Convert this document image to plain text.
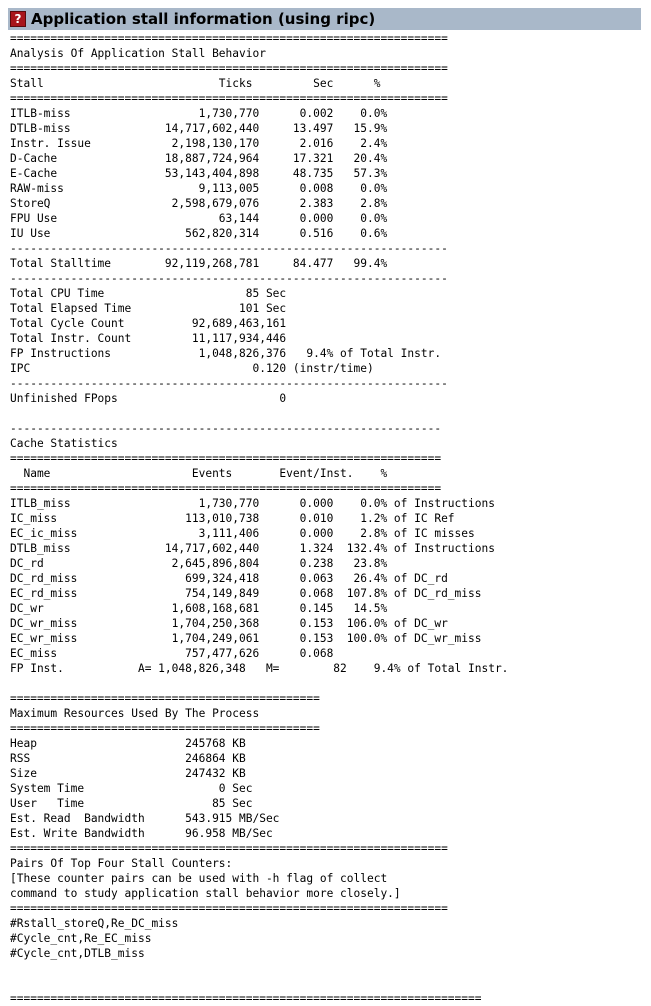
? Application stall information (using ripc)
=================================================================
Analysis Of Application Stall Behavior
=================================================================
Stall                          Ticks         Sec      %
=================================================================
ITLB-miss                   1,730,770      0.002    0.0%
DTLB-miss              14,717,602,440     13.497   15.9%
Instr. Issue            2,198,130,170      2.016    2.4%
D-Cache                18,887,724,964     17.321   20.4%
E-Cache                53,143,404,898     48.735   57.3%
RAW-miss                    9,113,005      0.008    0.0%
StoreQ                  2,598,679,076      2.383    2.8%
FPU Use                        63,144      0.000    0.0%
IU Use                    562,820,314      0.516    0.6%
-----------------------------------------------------------------
Total Stalltime        92,119,268,781     84.477   99.4%
-----------------------------------------------------------------
Total CPU Time                     85 Sec
Total Elapsed Time                101 Sec
Total Cycle Count          92,689,463,161
Total Instr. Count         11,117,934,446
FP Instructions             1,048,826,376   9.4% of Total Instr.
IPC                                 0.120 (instr/time)
-----------------------------------------------------------------
Unfinished FPops                        0

----------------------------------------------------------------
Cache Statistics
================================================================
Name                     Events       Event/Inst.    %
================================================================
ITLB_miss                   1,730,770      0.000    0.0% of Instructions
IC_miss                   113,010,738      0.010    1.2% of IC Ref
EC_ic_miss                  3,111,406      0.000    2.8% of IC misses
DTLB_miss              14,717,602,440      1.324  132.4% of Instructions
DC_rd                   2,645,896,804      0.238   23.8%
DC_rd_miss                699,324,418      0.063   26.4% of DC_rd
EC_rd_miss                754,149,849      0.068  107.8% of DC_rd_miss
DC_wr                   1,608,168,681      0.145   14.5%
DC_wr_miss              1,704,250,368      0.153  106.0% of DC_wr
EC_wr_miss              1,704,249,061      0.153  100.0% of DC_wr_miss
EC_miss                   757,477,626      0.068
FP Inst.           A= 1,048,826,348   M=        82    9.4% of Total Instr.

==============================================
Maximum Resources Used By The Process
==============================================
Heap                      245768 KB
RSS                       246864 KB
Size                      247432 KB
System Time                    0 Sec
User   Time                   85 Sec
Est. Read  Bandwidth      543.915 MB/Sec
Est. Write Bandwidth      96.958 MB/Sec
=================================================================
Pairs Of Top Four Stall Counters:
[These counter pairs can be used with -h flag of collect
command to study application stall behavior more closely.]
=================================================================
#Rstall_storeQ,Re_DC_miss
#Cycle_cnt,Re_EC_miss
#Cycle_cnt,DTLB_miss

======================================================================
